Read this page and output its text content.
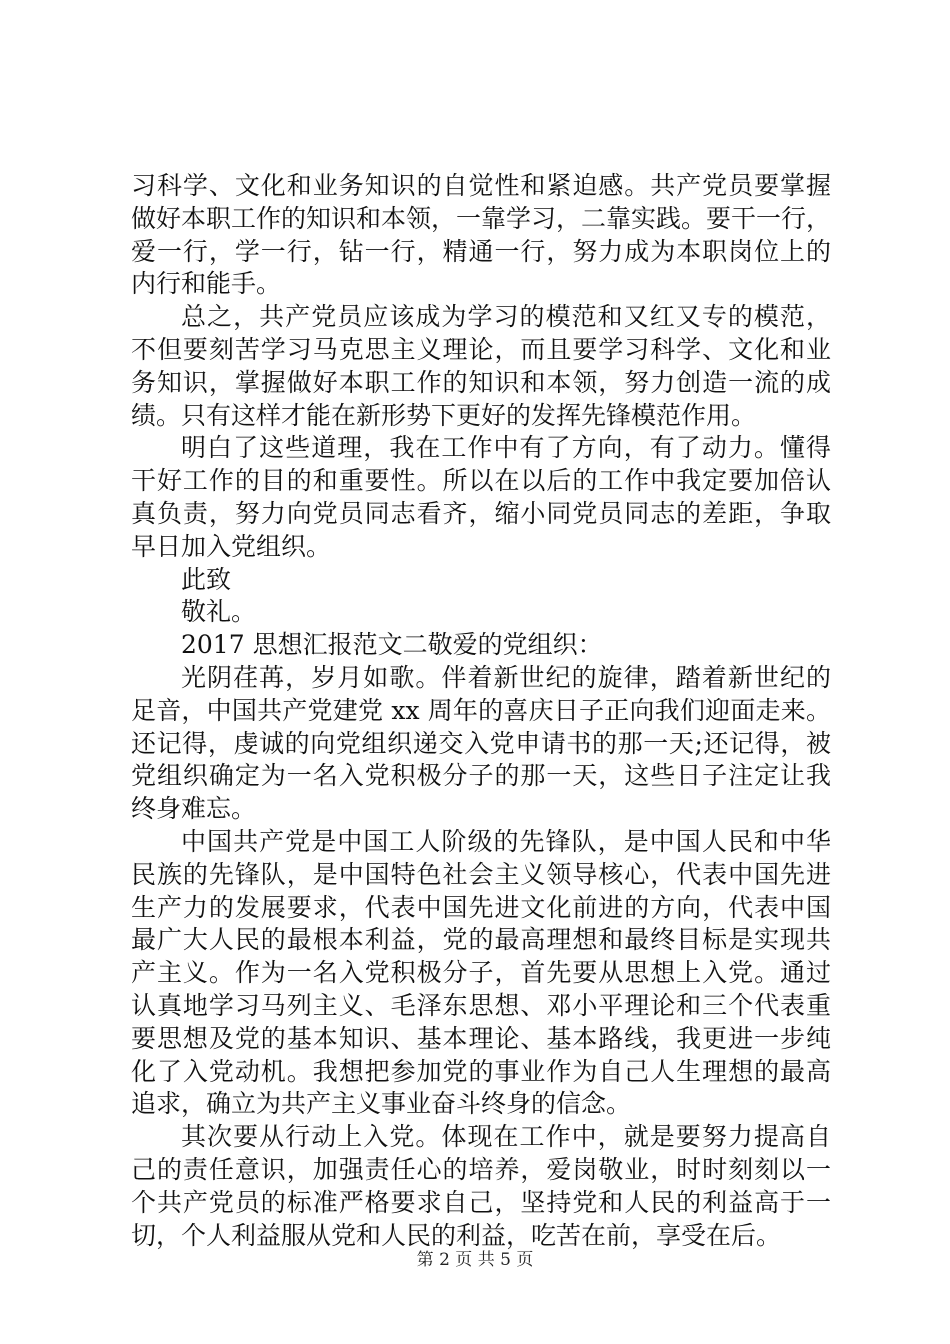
习科学、文化和业务知识的自觉性和紧迫感。共产党员要掌握
做好本职工作的知识和本领，一靠学习，二靠实践。要干一行，
爱一行，学一行，钻一行，精通一行，努力成为本职岗位上的
内行和能手。
总之，共产党员应该成为学习的模范和又红又专的模范，
不但要刻苦学习马克思主义理论，而且要学习科学、文化和业
务知识，掌握做好本职工作的知识和本领，努力创造一流的成
绩。只有这样才能在新形势下更好的发挥先锋模范作用。
明白了这些道理，我在工作中有了方向，有了动力。懂得
干好工作的目的和重要性。所以在以后的工作中我定要加倍认
真负责，努力向党员同志看齐，缩小同党员同志的差距，争取
早日加入党组织。
此致
敬礼。
2017 思想汇报范文二敬爱的党组织：
光阴荏苒，岁月如歌。伴着新世纪的旋律，踏着新世纪的
足音，中国共产党建党 xx 周年的喜庆日子正向我们迎面走来。
还记得，虔诚的向党组织递交入党申请书的那一天;还记得，被
党组织确定为一名入党积极分子的那一天，这些日子注定让我
终身难忘。
中国共产党是中国工人阶级的先锋队，是中国人民和中华
民族的先锋队，是中国特色社会主义领导核心，代表中国先进
生产力的发展要求，代表中国先进文化前进的方向，代表中国
最广大人民的最根本利益，党的最高理想和最终目标是实现共
产主义。作为一名入党积极分子，首先要从思想上入党。通过
认真地学习马列主义、毛泽东思想、邓小平理论和三个代表重
要思想及党的基本知识、基本理论、基本路线，我更进一步纯
化了入党动机。我想把参加党的事业作为自己人生理想的最高
追求，确立为共产主义事业奋斗终身的信念。
其次要从行动上入党。体现在工作中，就是要努力提高自
己的责任意识，加强责任心的培养，爱岗敬业，时时刻刻以一
个共产党员的标准严格要求自己，坚持党和人民的利益高于一
切，个人利益服从党和人民的利益，吃苦在前，享受在后。
第 2 页 共 5 页
